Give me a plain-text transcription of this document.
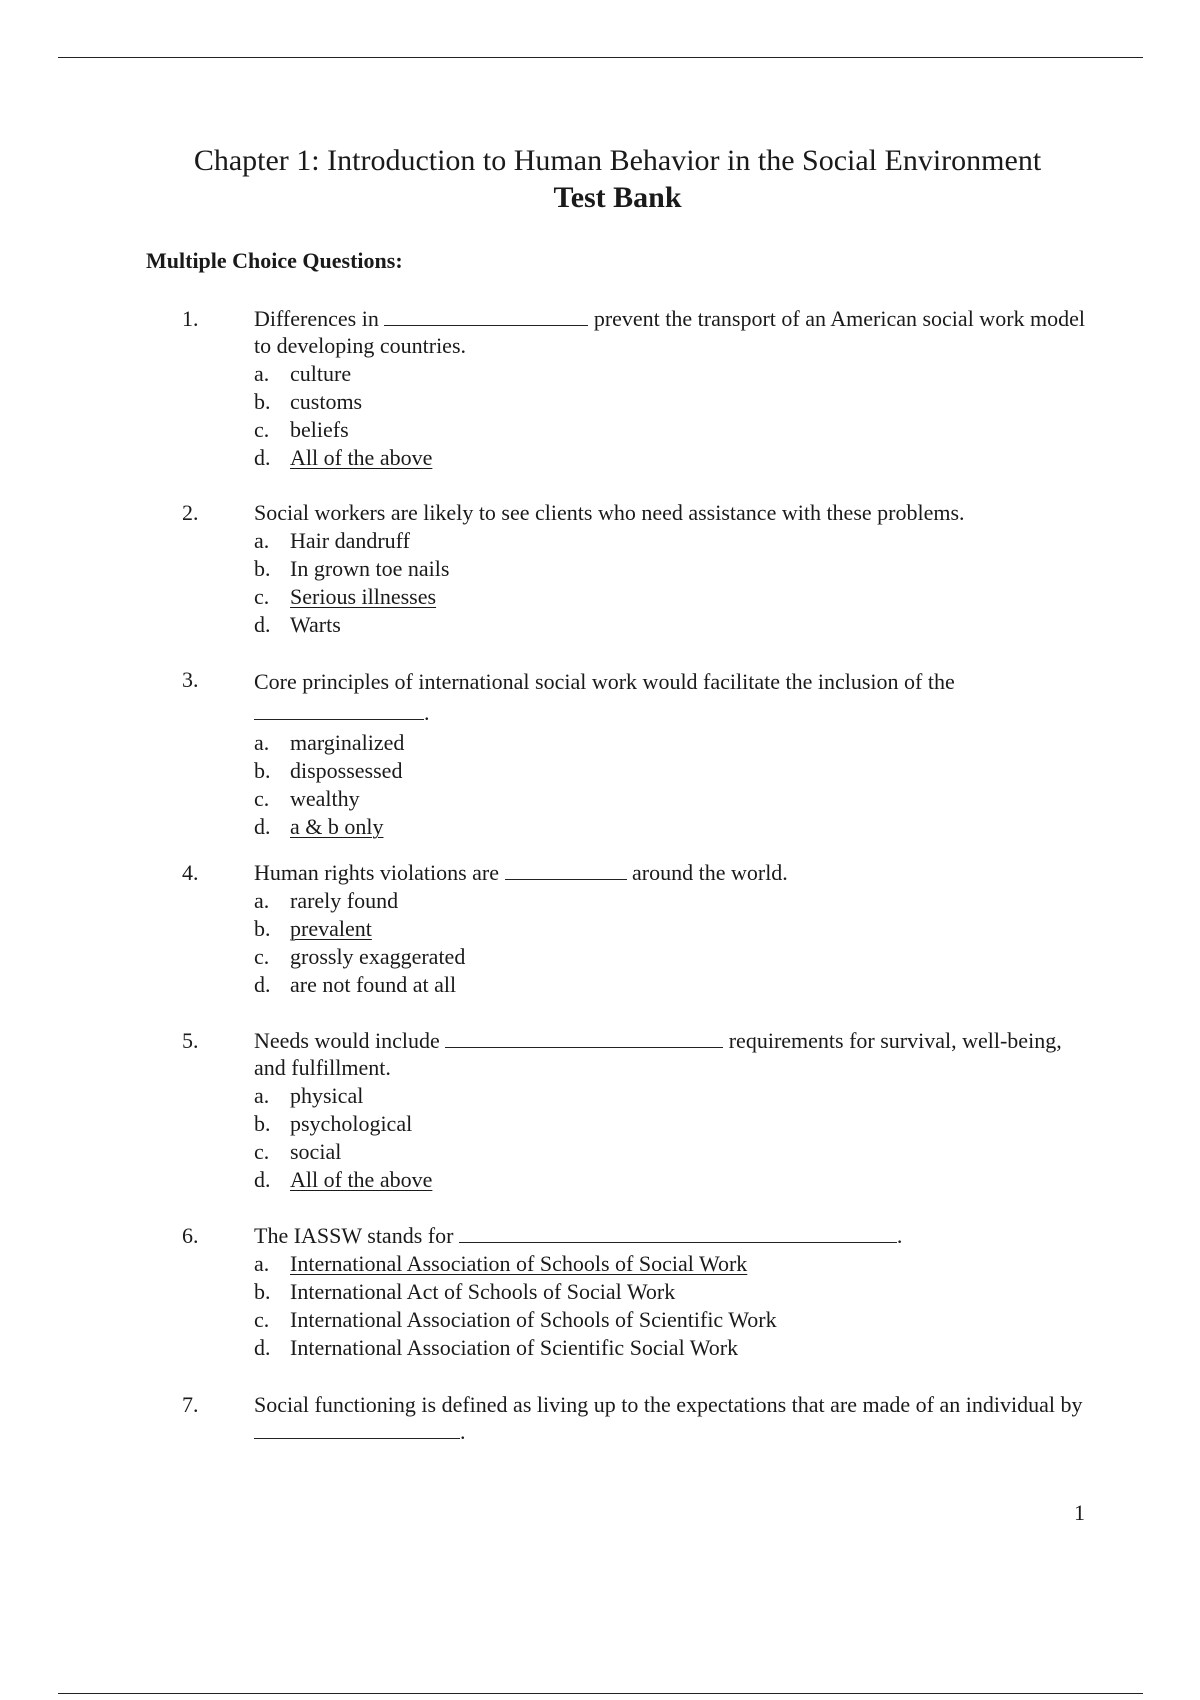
Chapter 1: Introduction to Human Behavior in the Social Environment
Test Bank
Multiple Choice Questions:
1.	Differences in	prevent the transport of an American social work model to developing countries.
a. culture
b. customs
c. beliefs
d. All of the above
2.	Social workers are likely to see clients who need assistance with these problems.
a. Hair dandruff
b. In grown toe nails
c. Serious illnesses
d. Warts
3.	Core principles of international social work would facilitate the inclusion of the
.
a. marginalized
b. dispossessed
c. wealthy
d. a & b only
4.	Human rights violations are	around the world.
a. rarely found
b. prevalent
c. grossly exaggerated
d. are not found at all
5.	Needs would include	requirements for survival, well-being, and fulfillment.
a. physical
b. psychological
c. social
d. All of the above
6.	The IASSW stands for	.
a. International Association of Schools of Social Work
b. International Act of Schools of Social Work
c. International Association of Schools of Scientific Work
d. International Association of Scientific Social Work
7.	Social functioning is defined as living up to the expectations that are made of an individual by .
1
